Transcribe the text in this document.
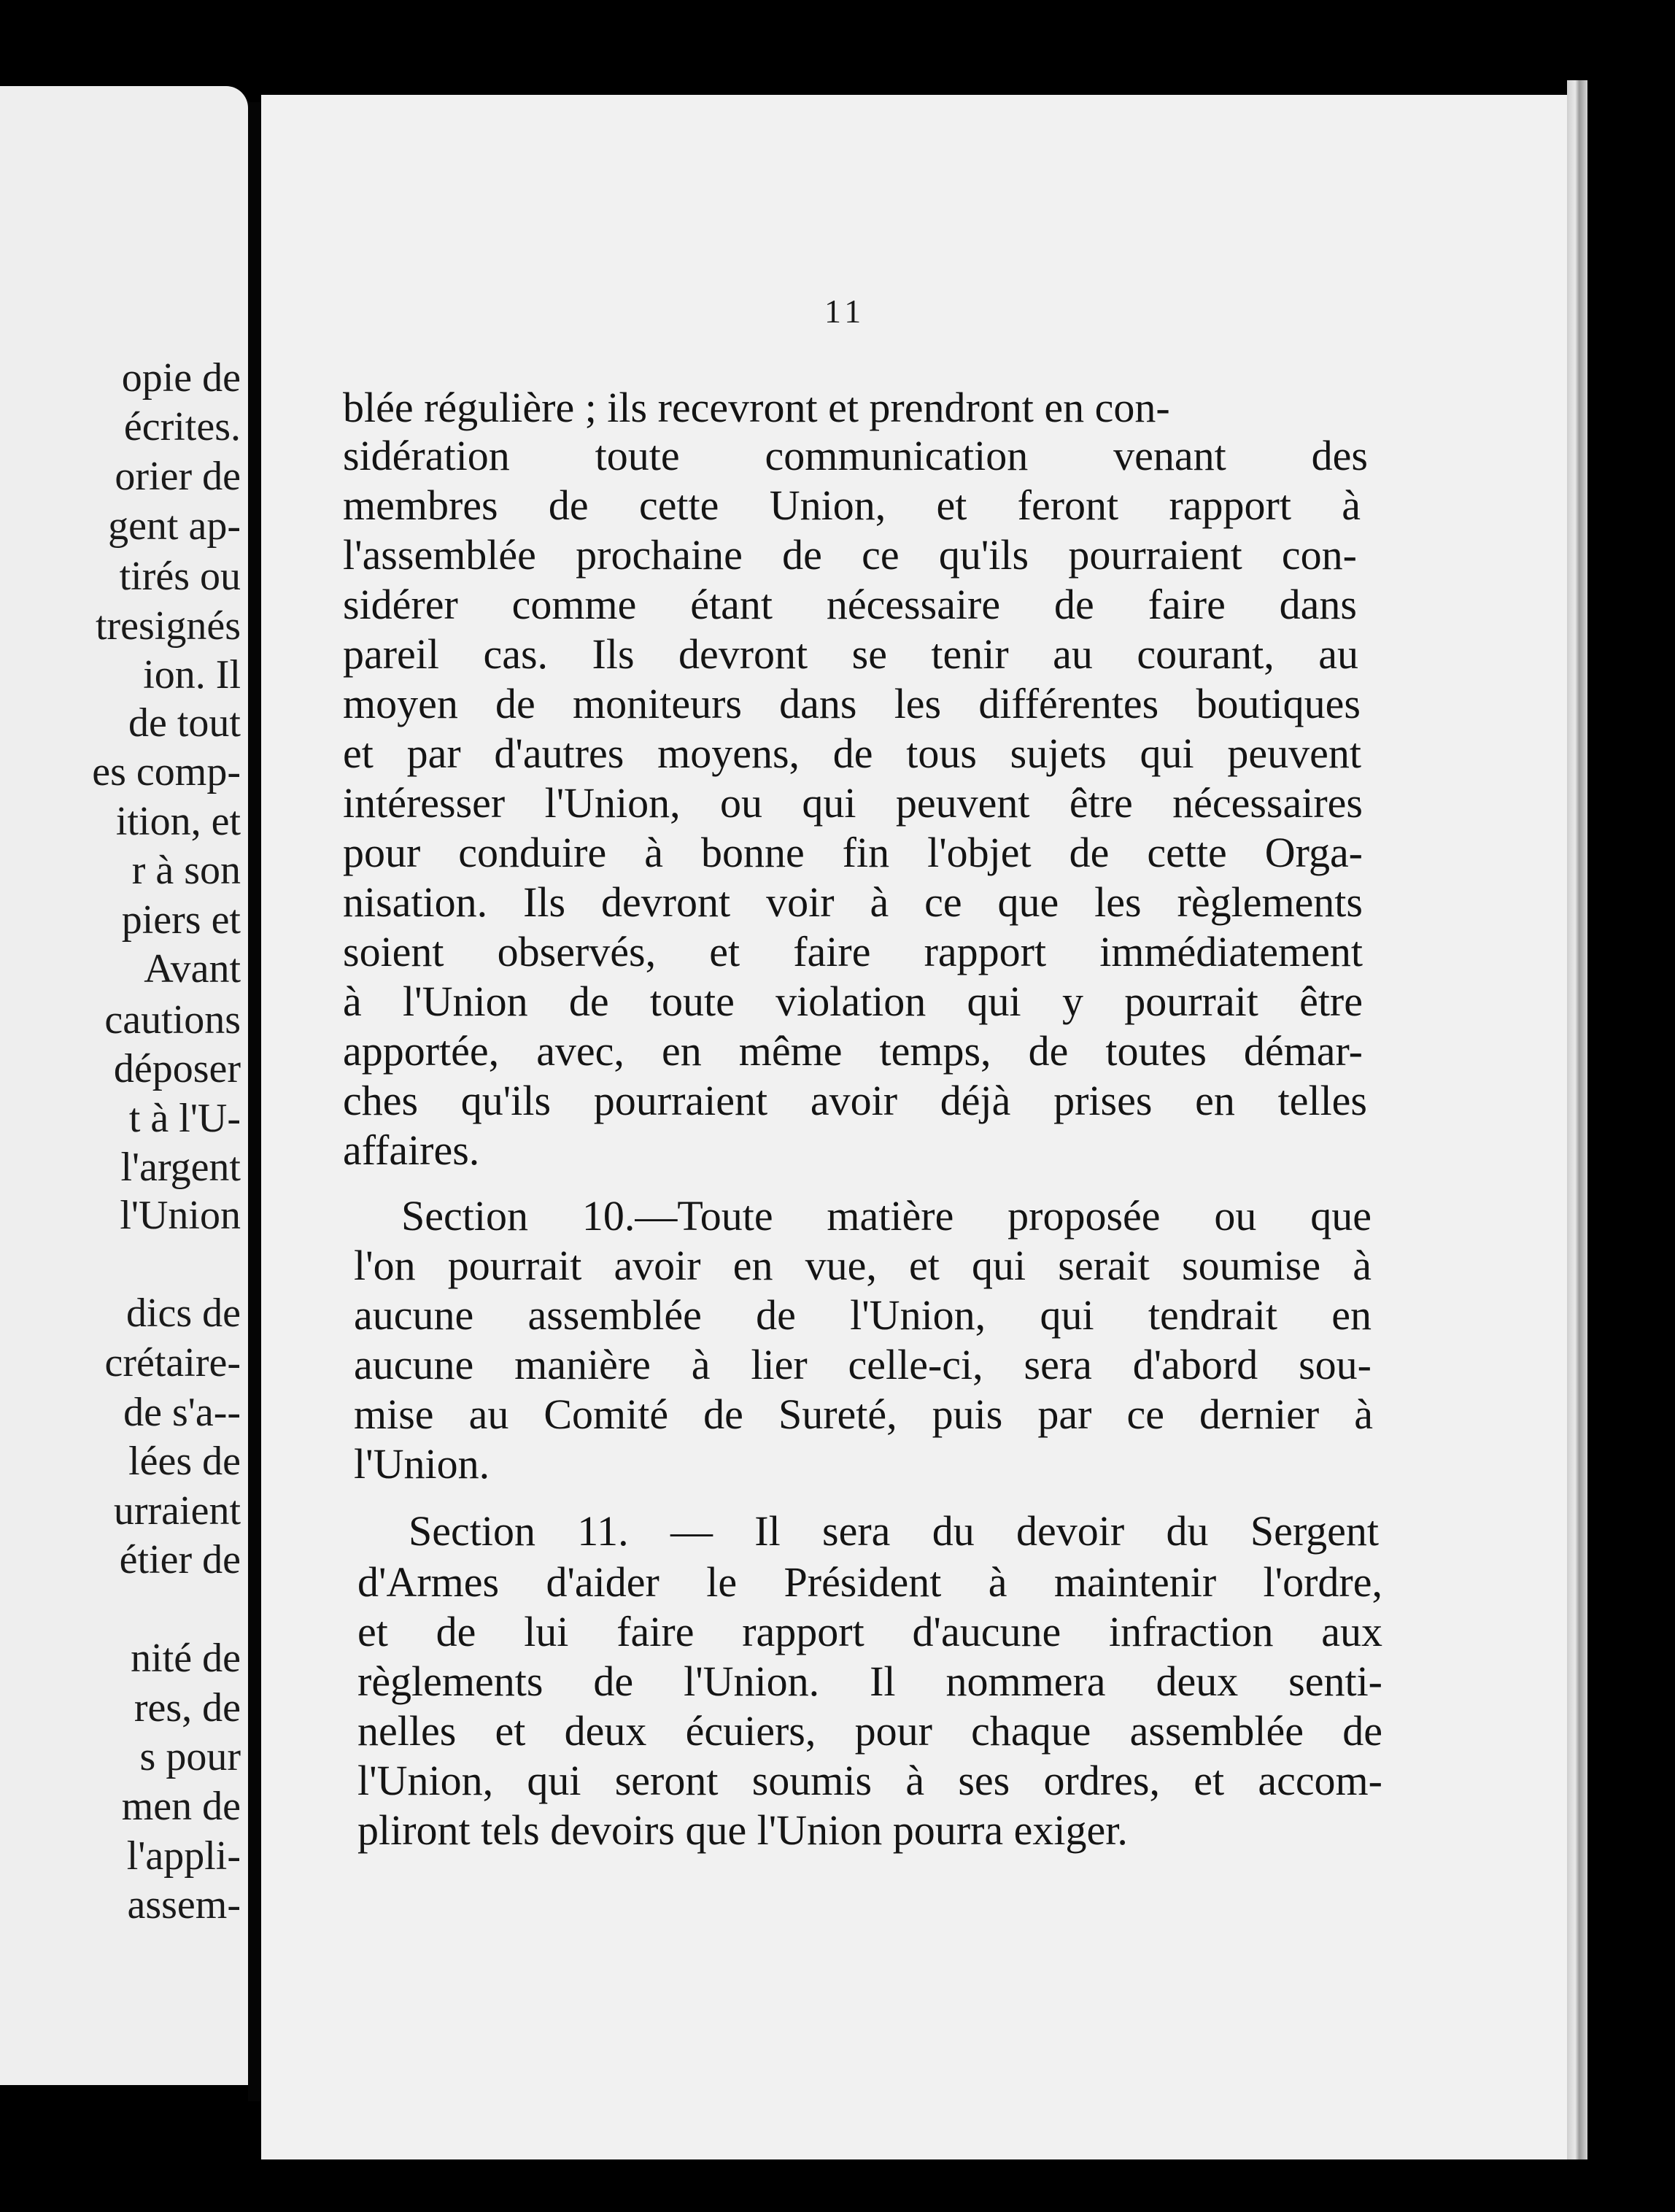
opie de
écrites.
orier de
gent ap-
tirés ou
tresignés
ion. Il
de tout
es comp-
ition, et
r à son
piers et
Avant
cautions
déposer
t à l'U-
l'argent
l'Union
dics de
crétaire-
de s'a--
lées de
urraient
étier de
nité de
res, de
s pour
men de
l'appli-
assem-
11
blée régulière ; ils recevront et prendront en con-
sidération toute communication venant des
membres de cette Union, et feront rapport à
l'assemblée prochaine de ce qu'ils pourraient con-
sidérer comme étant nécessaire de faire dans
pareil cas. Ils devront se tenir au courant, au
moyen de moniteurs dans les différentes boutiques
et par d'autres moyens, de tous sujets qui peuvent
intéresser l'Union, ou qui peuvent être nécessaires
pour conduire à bonne fin l'objet de cette Orga-
nisation. Ils devront voir à ce que les règlements
soient observés, et faire rapport immédiatement
à l'Union de toute violation qui y pourrait être
apportée, avec, en même temps, de toutes démar-
ches qu'ils pourraient avoir déjà prises en telles
affaires.
Section 10.—Toute matière proposée ou que
l'on pourrait avoir en vue, et qui serait soumise à
aucune assemblée de l'Union, qui tendrait en
aucune manière à lier celle-ci, sera d'abord sou-
mise au Comité de Sureté, puis par ce dernier à
l'Union.
Section 11. — Il sera du devoir du Sergent
d'Armes d'aider le Président à maintenir l'ordre,
et de lui faire rapport d'aucune infraction aux
règlements de l'Union. Il nommera deux senti-
nelles et deux écuiers, pour chaque assemblée de
l'Union, qui seront soumis à ses ordres, et accom-
pliront tels devoirs que l'Union pourra exiger.
